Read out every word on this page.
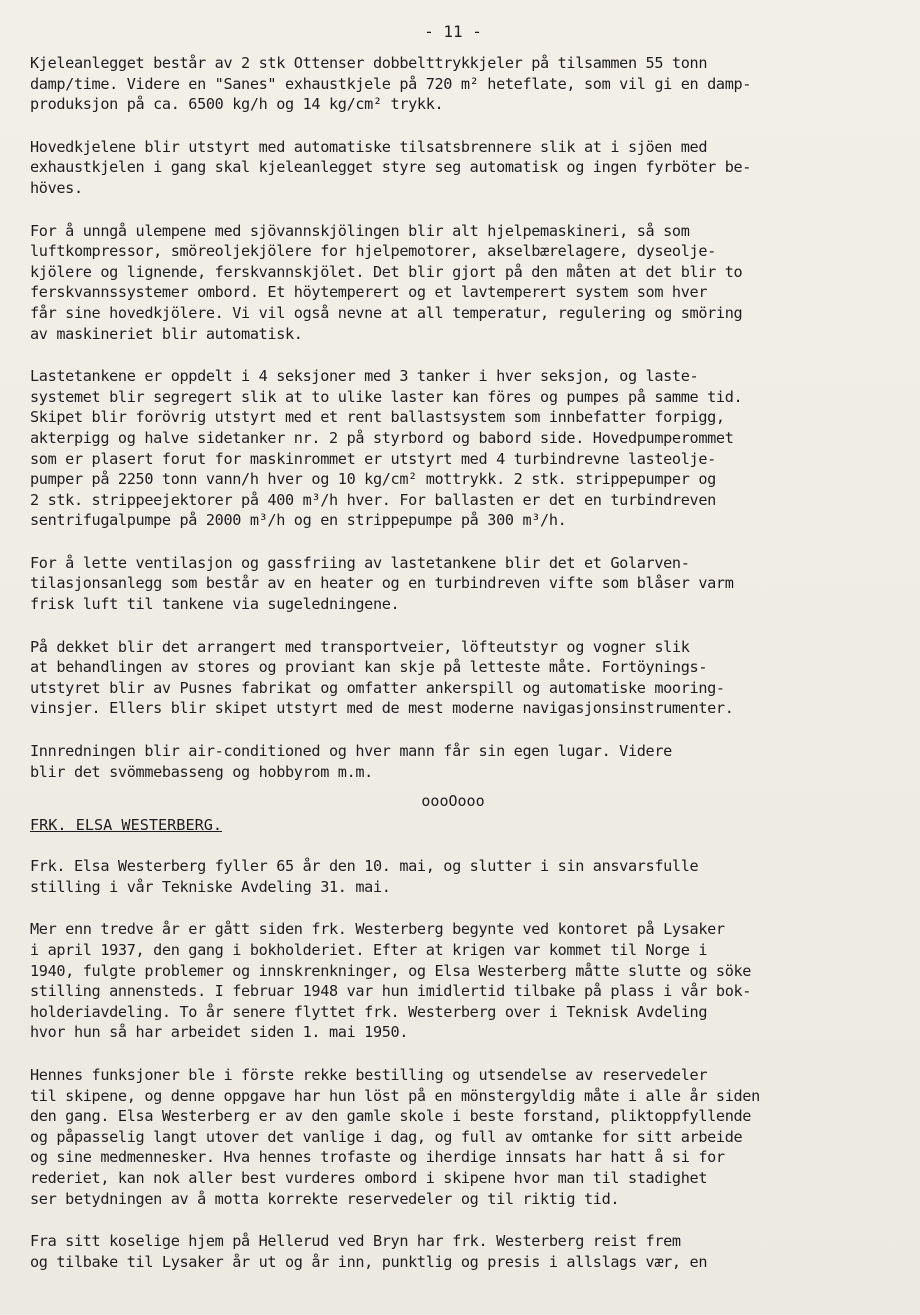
- 11 -

Kjeleanlegget består av 2 stk Ottenser dobbelttrykkjeler på tilsammen 55 tonn
damp/time. Videre en "Sanes" exhaustkjele på 720 m² heteflate, som vil gi en damp-
produksjon på ca. 6500 kg/h og 14 kg/cm² trykk.

Hovedkjelene blir utstyrt med automatiske tilsatsbrennere slik at i sjöen med
exhaustkjelen i gang skal kjeleanlegget styre seg automatisk og ingen fyrböter be-
höves.

For å unngå ulempene med sjövannskjölingen blir alt hjelpemaskineri, så som
luftkompressor, smöreoljekjölere for hjelpemotorer, akselbærelagere, dyseolje-
kjölere og lignende, ferskvannskjölet. Det blir gjort på den måten at det blir to
ferskvannssystemer ombord. Et höytemperert og et lavtemperert system som hver
får sine hovedkjölere. Vi vil også nevne at all temperatur, regulering og smöring
av maskineriet blir automatisk.

Lastetankene er oppdelt i 4 seksjoner med 3 tanker i hver seksjon, og laste-
systemet blir segregert slik at to ulike laster kan föres og pumpes på samme tid.
Skipet blir forövrig utstyrt med et rent ballastsystem som innbefatter forpigg,
akterpigg og halve sidetanker nr. 2 på styrbord og babord side. Hovedpumperommet
som er plasert forut for maskinrommet er utstyrt med 4 turbindrevne lasteolje-
pumper på 2250 tonn vann/h hver og 10 kg/cm² mottrykk. 2 stk. strippepumper og
2 stk. strippeejektorer på 400 m³/h hver. For ballasten er det en turbindreven
sentrifugalpumpe på 2000 m³/h og en strippepumpe på 300 m³/h.

For å lette ventilasjon og gassfriing av lastetankene blir det et Golarven-
tilasjonsanlegg som består av en heater og en turbindreven vifte som blåser varm
frisk luft til tankene via sugeledningene.

På dekket blir det arrangert med transportveier, löfteutstyr og vogner slik
at behandlingen av stores og proviant kan skje på letteste måte. Fortöynings-
utstyret blir av Pusnes fabrikat og omfatter ankerspill og automatiske mooring-
vinsjer. Ellers blir skipet utstyrt med de mest moderne navigasjonsinstrumenter.

Innredningen blir air-conditioned og hver mann får sin egen lugar. Videre
blir det svömmebasseng og hobbyrom m.m.

oooOooo
FRK. ELSA WESTERBERG.

Frk. Elsa Westerberg fyller 65 år den 10. mai, og slutter i sin ansvarsfulle
stilling i vår Tekniske Avdeling 31. mai.

Mer enn tredve år er gått siden frk. Westerberg begynte ved kontoret på Lysaker
i april 1937, den gang i bokholderiet. Efter at krigen var kommet til Norge i
1940, fulgte problemer og innskrenkninger, og Elsa Westerberg måtte slutte og söke
stilling annensteds. I februar 1948 var hun imidlertid tilbake på plass i vår bok-
holderiavdeling. To år senere flyttet frk. Westerberg over i Teknisk Avdeling
hvor hun så har arbeidet siden 1. mai 1950.

Hennes funksjoner ble i förste rekke bestilling og utsendelse av reservedeler
til skipene, og denne oppgave har hun löst på en mönstergyldig måte i alle år siden
den gang. Elsa Westerberg er av den gamle skole i beste forstand, pliktoppfyllende
og påpasselig langt utover det vanlige i dag, og full av omtanke for sitt arbeide
og sine medmennesker. Hva hennes trofaste og iherdige innsats har hatt å si for
rederiet, kan nok aller best vurderes ombord i skipene hvor man til stadighet
ser betydningen av å motta korrekte reservedeler og til riktig tid.

Fra sitt koselige hjem på Hellerud ved Bryn har frk. Westerberg reist frem
og tilbake til Lysaker år ut og år inn, punktlig og presis i allslags vær, en
